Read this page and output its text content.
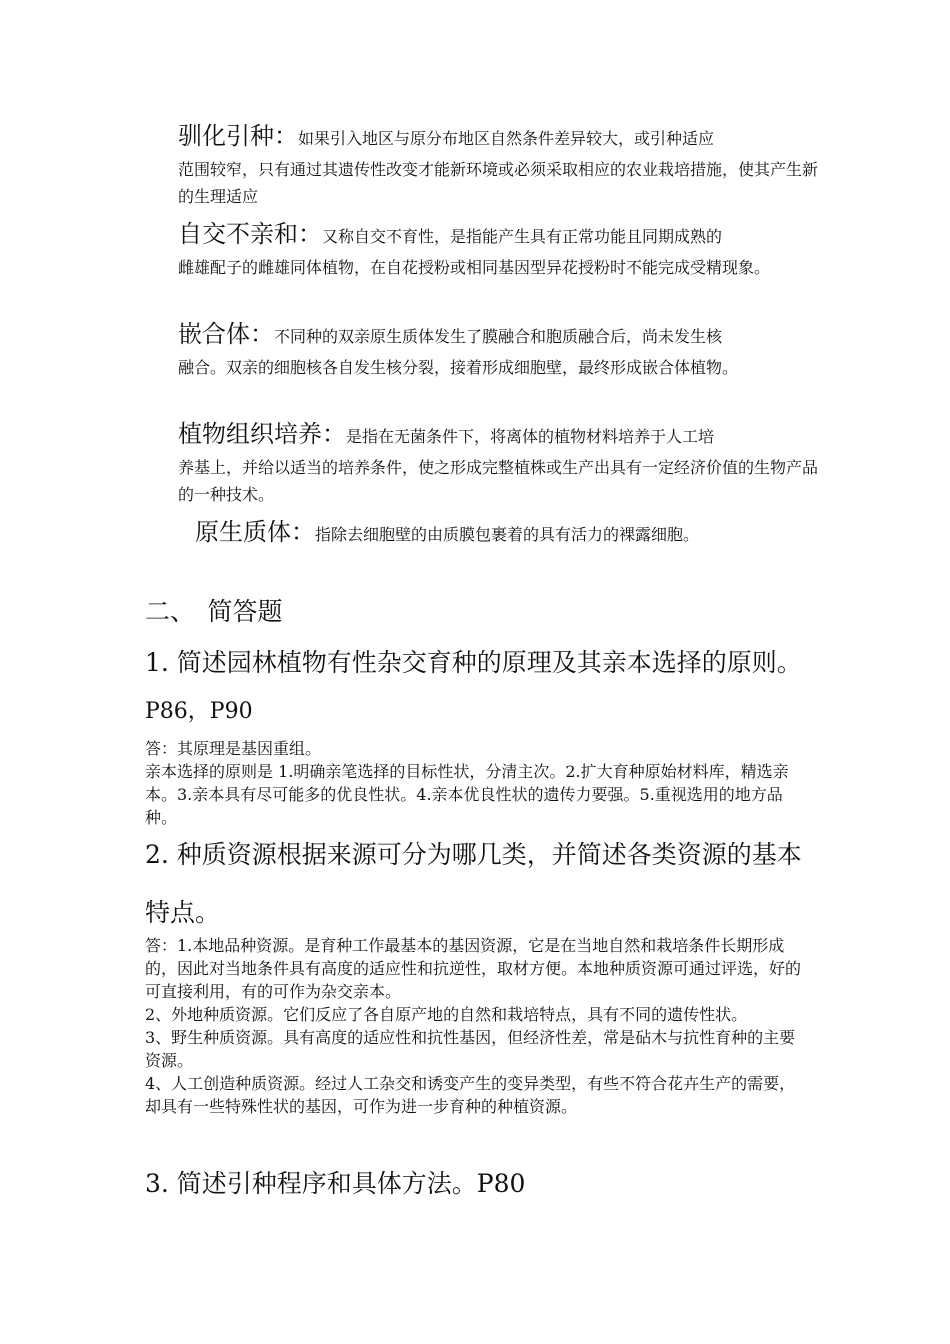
驯化引种：如果引入地区与原分布地区自然条件差异较大，或引种适应
范围较窄，只有通过其遗传性改变才能新环境或必须采取相应的农业栽培措施，使其产生新的生理适应
自交不亲和：又称自交不育性，是指能产生具有正常功能且同期成熟的
雌雄配子的雌雄同体植物，在自花授粉或相同基因型异花授粉时不能完成受精现象。
嵌合体：不同种的双亲原生质体发生了膜融合和胞质融合后，尚未发生核
融合。双亲的细胞核各自发生核分裂，接着形成细胞壁，最终形成嵌合体植物。
植物组织培养：是指在无菌条件下，将离体的植物材料培养于人工培
养基上，并给以适当的培养条件，使之形成完整植株或生产出具有一定经济价值的生物产品的一种技术。
原生质体：指除去细胞壁的由质膜包裹着的具有活力的裸露细胞。
二、　简答题
1. 简述园林植物有性杂交育种的原理及其亲本选择的原则。
P86，P90

答：其原理是基因重组。

亲本选择的原则是 1.明确亲笔选择的目标性状，分清主次。2.扩大育种原始材料库，精选亲本。3.亲本具有尽可能多的优良性状。4.亲本优良性状的遗传力要强。5.重视选用的地方品种。

2. 种质资源根据来源可分为哪几类，并简述各类资源的基本特点。

答：1.本地品种资源。是育种工作最基本的基因资源，它是在当地自然和栽培条件长期形成的，因此对当地条件具有高度的适应性和抗逆性，取材方便。本地种质资源可通过评选，好的可直接利用，有的可作为杂交亲本。

2、外地种质资源。它们反应了各自原产地的自然和栽培特点，具有不同的遗传性状。

3、野生种质资源。具有高度的适应性和抗性基因，但经济性差，常是砧木与抗性育种的主要资源。

4、人工创造种质资源。经过人工杂交和诱变产生的变异类型，有些不符合花卉生产的需要，却具有一些特殊性状的基因，可作为进一步育种的种植资源。

3. 简述引种程序和具体方法。P80
